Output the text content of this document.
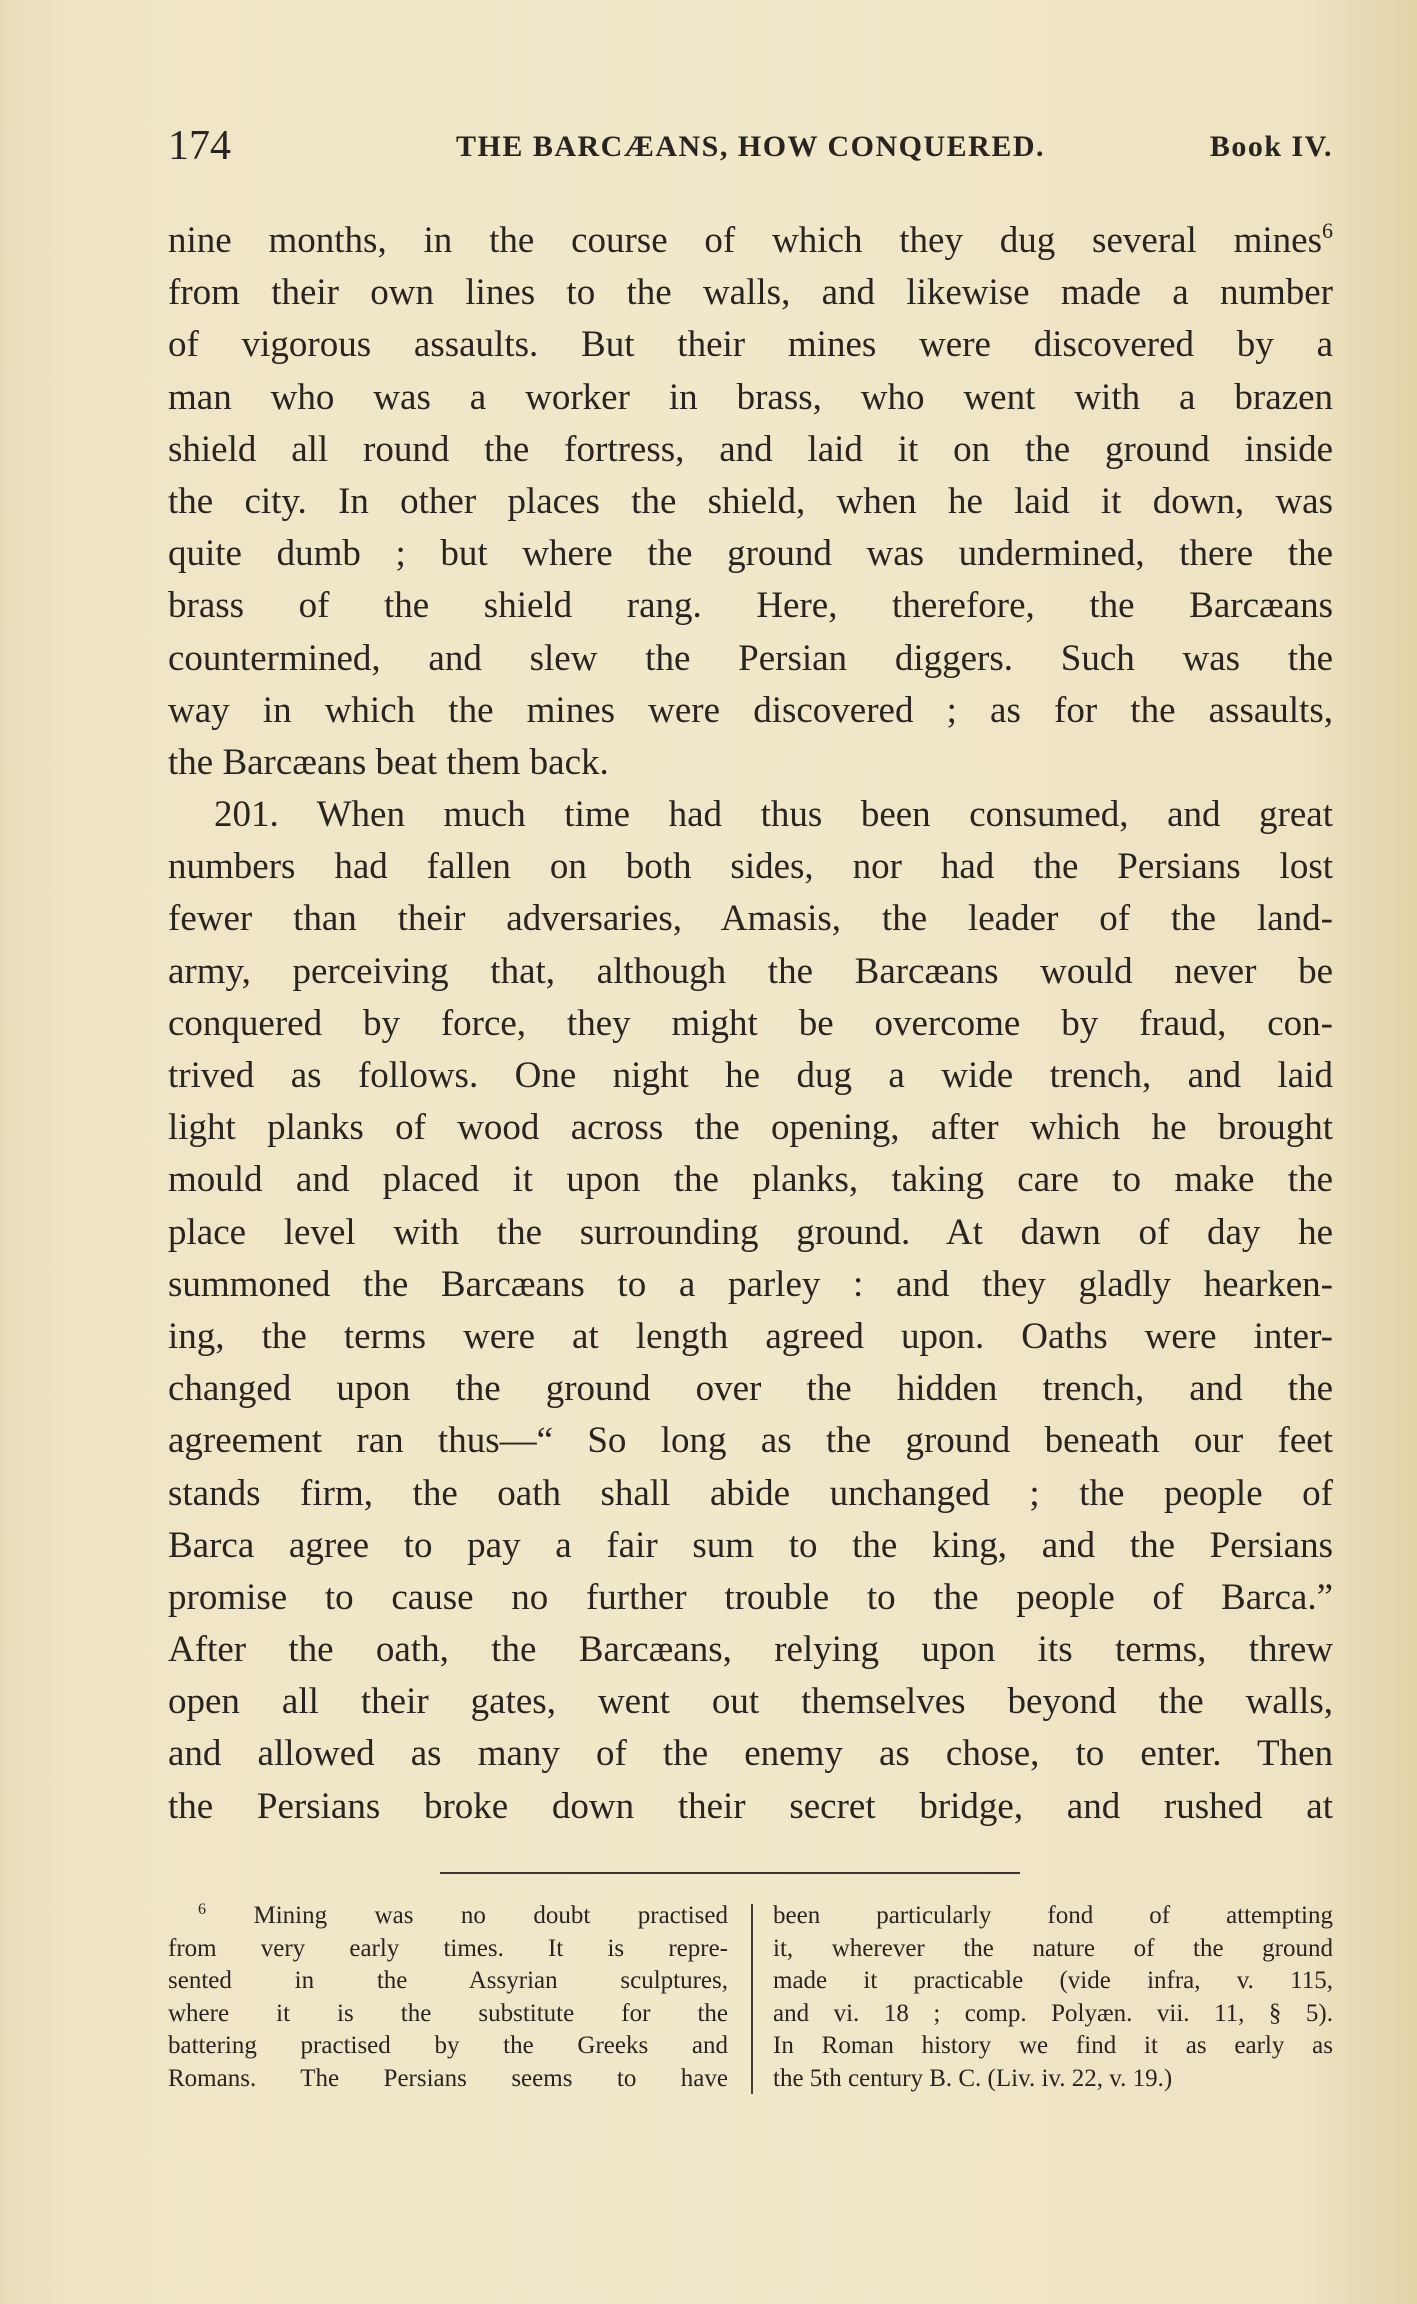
174	THE BARCÆANS, HOW CONQUERED.	Book IV.
nine months, in the course of which they dug several mines$^6$
from their own lines to the walls, and likewise made a number
of vigorous assaults. But their mines were discovered by a
man who was a worker in brass, who went with a brazen
shield all round the fortress, and laid it on the ground inside
the city. In other places the shield, when he laid it down, was
quite dumb ; but where the ground was undermined, there the
brass of the shield rang. Here, therefore, the Barcæans
countermined, and slew the Persian diggers. Such was the
way in which the mines were discovered ; as for the assaults,
the Barcæans beat them back.
201. When much time had thus been consumed, and great
numbers had fallen on both sides, nor had the Persians lost
fewer than their adversaries, Amasis, the leader of the land-
army, perceiving that, although the Barcæans would never be
conquered by force, they might be overcome by fraud, con-
trived as follows. One night he dug a wide trench, and laid
light planks of wood across the opening, after which he brought
mould and placed it upon the planks, taking care to make the
place level with the surrounding ground. At dawn of day he
summoned the Barcæans to a parley : and they gladly hearken-
ing, the terms were at length agreed upon. Oaths were inter-
changed upon the ground over the hidden trench, and the
agreement ran thus—“ So long as the ground beneath our feet
stands firm, the oath shall abide unchanged ; the people of
Barca agree to pay a fair sum to the king, and the Persians
promise to cause no further trouble to the people of Barca.”
After the oath, the Barcæans, relying upon its terms, threw
open all their gates, went out themselves beyond the walls,
and allowed as many of the enemy as chose, to enter. Then
the Persians broke down their secret bridge, and rushed at
$^6$ Mining was no doubt practised
from very early times. It is repre-
sented in the Assyrian sculptures,
where it is the substitute for the
battering practised by the Greeks and
Romans. The Persians seems to have
been particularly fond of attempting
it, wherever the nature of the ground
made it practicable (vide infra, v. 115,
and vi. 18 ; comp. Polyæn. vii. 11, § 5).
In Roman history we find it as early as
the 5th century B. C. (Liv. iv. 22, v. 19.)
